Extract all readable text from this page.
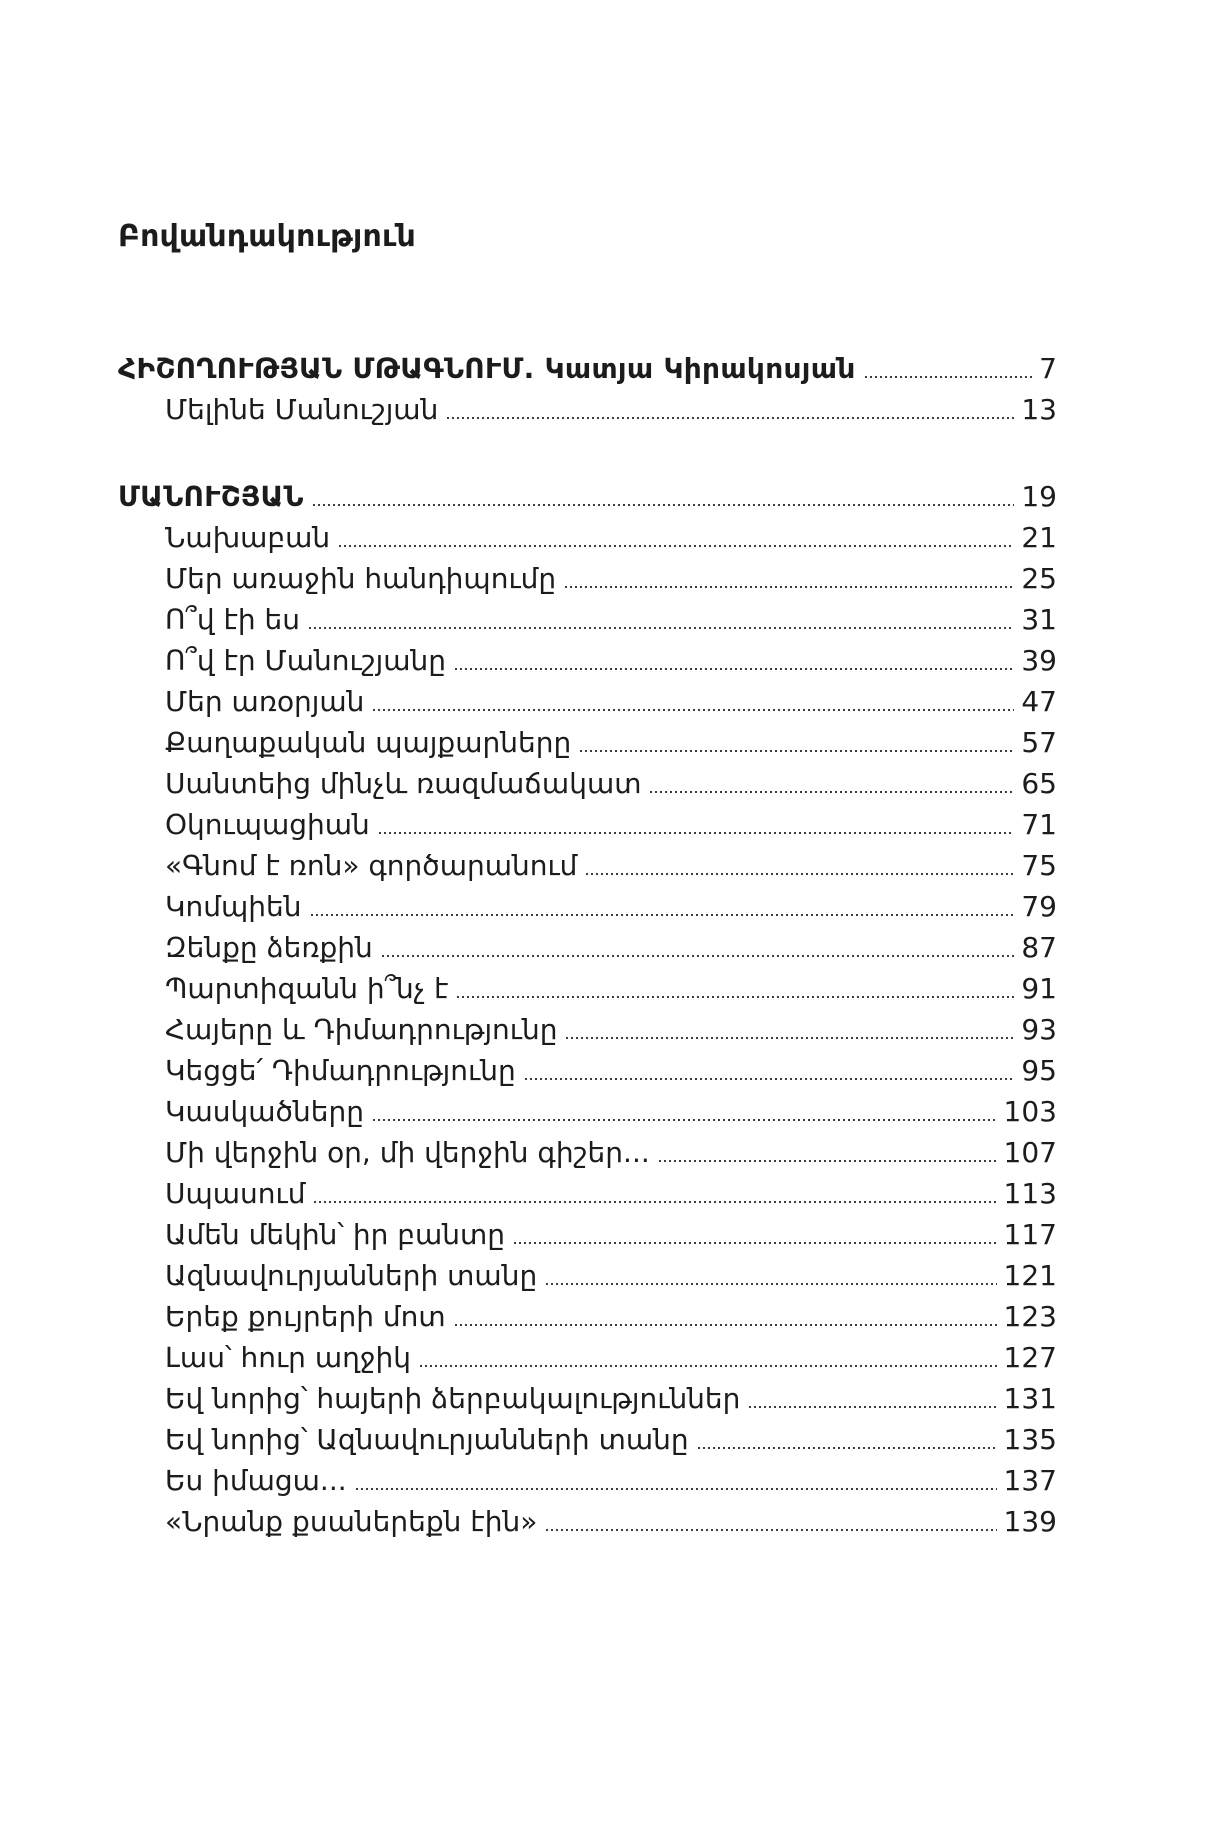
Բովանդակություն
ՀԻՇՈՂՈՒԹՅԱՆ ՄԹԱԳՆՈՒՄ. Կատյա Կիրակոսյան	7
Մելինե Մանուշյան	13
ՄԱՆՈՒՇՅԱՆ	19
Նախաբան	21
Մեր առաջին հանդիպումը	25
Ո՞վ էի ես	31
Ո՞վ էր Մանուշյանը	39
Մեր առօրյան	47
Քաղաքական պայքարները	57
Սանտեից մինչև ռազմաճակատ	65
Օկուպացիան	71
«Գնոմ է ռոն» գործարանում	75
Կոմպիեն	79
Զենքը ձեռքին	87
Պարտիզանն ի՞նչ է	91
Հայերը և Դիմադրությունը	93
Կեցցե՛ Դիմադրությունը	95
Կասկածները	103
Մի վերջին օր, մի վերջին գիշեր...	107
Սպասում	113
Ամեն մեկին՝ իր բանտը	117
Ազնավուրյանների տանը	121
Երեք քույրերի մոտ	123
Լաս՝ հուր աղջիկ	127
Եվ նորից՝ հայերի ձերբակալություններ	131
Եվ նորից՝ Ազնավուրյանների տանը	135
Ես իմացա...	137
«Նրանք քսաներեքն էին»	139
